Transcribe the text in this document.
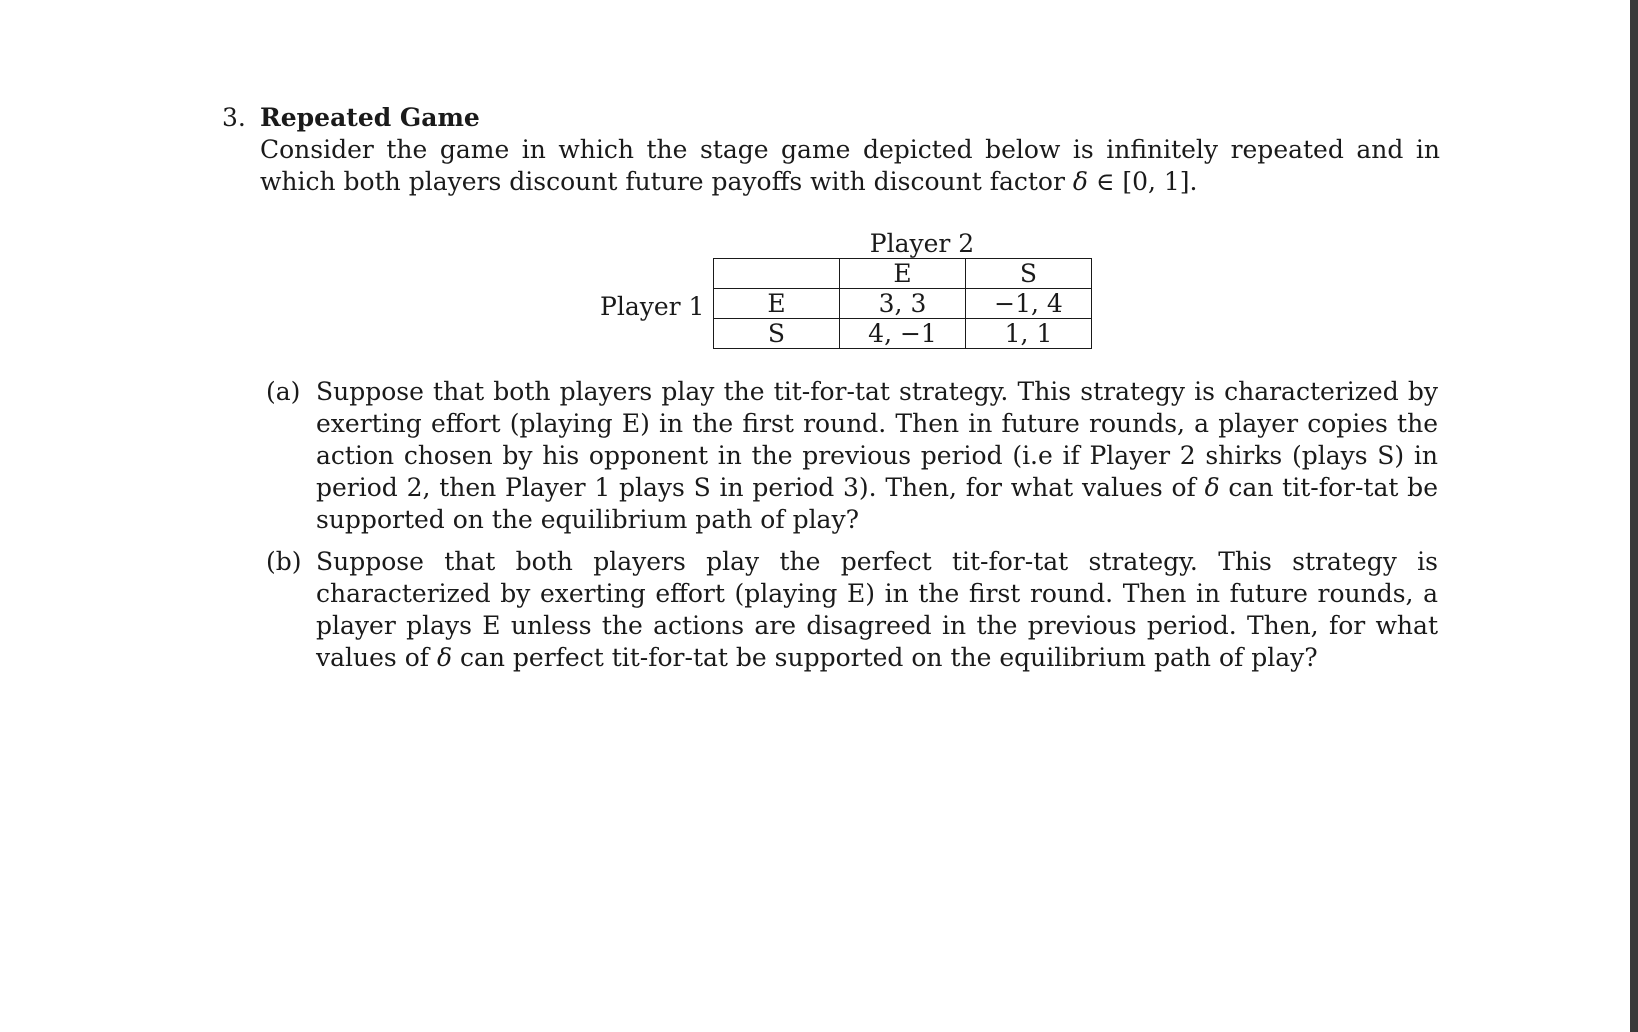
3. Repeated Game
Consider the game in which the stage game depicted below is infinitely repeated and in which both players discount future payoffs with discount factor δ ∈ [0, 1].
Player 2
Player 1
	E	S
E	3, 3	−1, 4
S	4, −1	1, 1
(a) Suppose that both players play the tit-for-tat strategy. This strategy is characterized by exerting effort (playing E) in the first round. Then in future rounds, a player copies the action chosen by his opponent in the previous period (i.e if Player 2 shirks (plays S) in period 2, then Player 1 plays S in period 3). Then, for what values of δ can tit-for-tat be supported on the equilibrium path of play?
(b) Suppose that both players play the perfect tit-for-tat strategy. This strategy is characterized by exerting effort (playing E) in the first round. Then in future rounds, a player plays E unless the actions are disagreed in the previous period. Then, for what values of δ can perfect tit-for-tat be supported on the equilibrium path of play?
